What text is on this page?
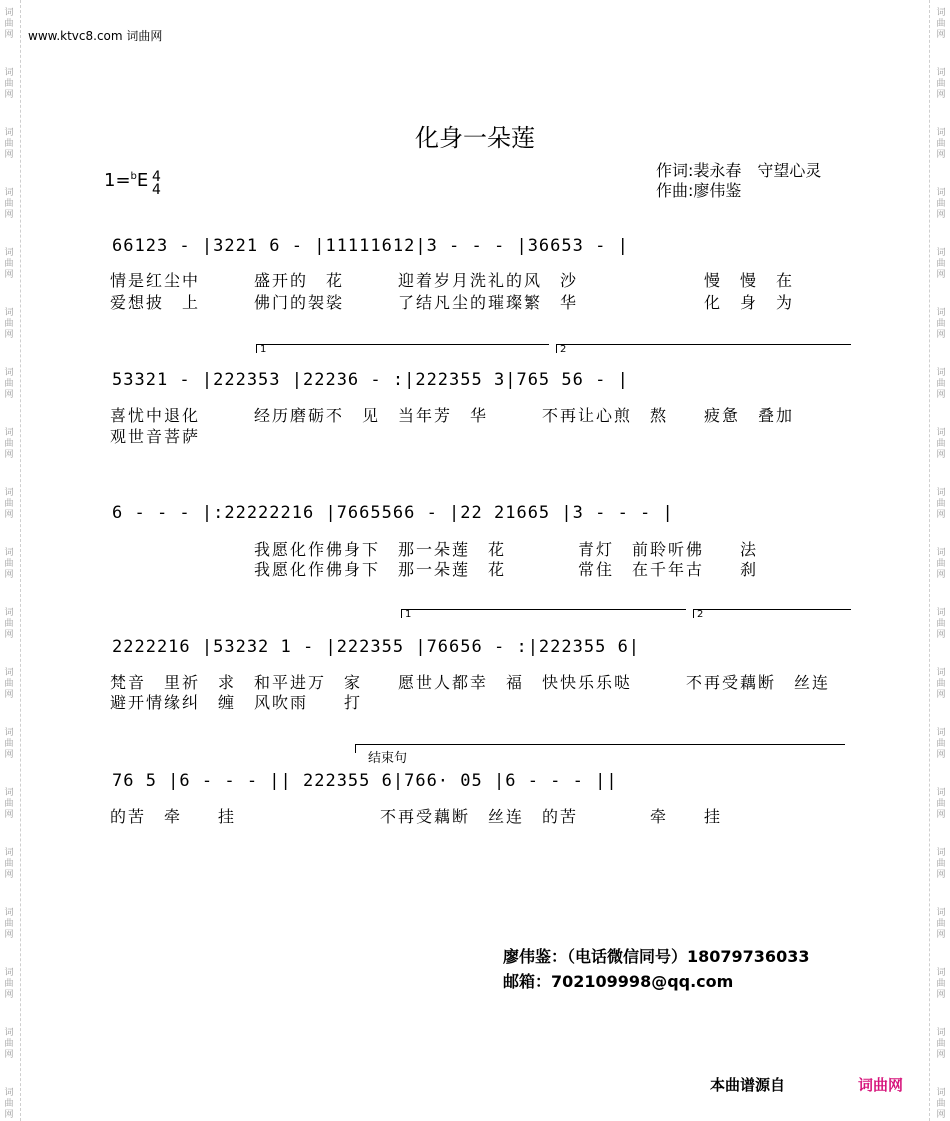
词
曲
网
词
曲
网
词
曲
网
词
曲
网
词
曲
网
词
曲
网
词
曲
网
词
曲
网
词
曲
网
词
曲
网
词
曲
网
词
曲
网
词
曲
网
词
曲
网
词
曲
网
词
曲
网
词
曲
网
词
曲
网
词
曲
网
词
曲
网
词
曲
网
词
曲
网
词
曲
网
词
曲
网
词
曲
网
词
曲
网
词
曲
网
词
曲
网
词
曲
网
词
曲
网
词
曲
网
词
曲
网
词
曲
网
词
曲
网
词
曲
网
词
曲
网
词
曲
网
词
曲
网
www.ktvc8.com 词曲网
化身一朵莲
作词:裴永春　守望心灵
作曲:廖伟鉴
1=$^b$E 4
4
66123 - |3221 6 - |11111612|3 - - - |36653 - |
情是红尘中　　　盛开的　花　　　迎着岁月洗礼的风　沙　　　　　　　慢　慢　在
爱想披　上　　　佛门的袈裟　　　了结凡尘的璀璨繁　华　　　　　　　化　身　为
1	2
53321 - |222353 |22236 - :|222355 3|765 56 - |
喜忧中退化　　　经历磨砺不　见　当年芳　华　　　不再让心煎　熬　　疲惫　叠加
观世音菩萨
6 - - - |:22222216 |7665566 - |22 21665 |3 - - - |
　　　　　　　　我愿化作佛身下　那一朵莲　花　　　　青灯　前聆听佛　　法
　　　　　　　　我愿化作佛身下　那一朵莲　花　　　　常住　在千年古　　刹
1	2
2222216 |53232 1 - |222355 |76656 - :|222355 6|
梵音　里祈　求　和平进万　家　　愿世人都幸　福　快快乐乐哒　　　不再受藕断　丝连
避开情缘纠　缠　风吹雨　　打
结束句
76 5 |6 - - - || 222355 6|766· 05 |6 - - - ||
的苦　牵　　挂　　　　　　　　不再受藕断　丝连　的苦　　　　牵　　挂
廖伟鉴：（电话微信同号）18079736033
邮箱：702109998@qq.com
本曲谱源自	词曲网
